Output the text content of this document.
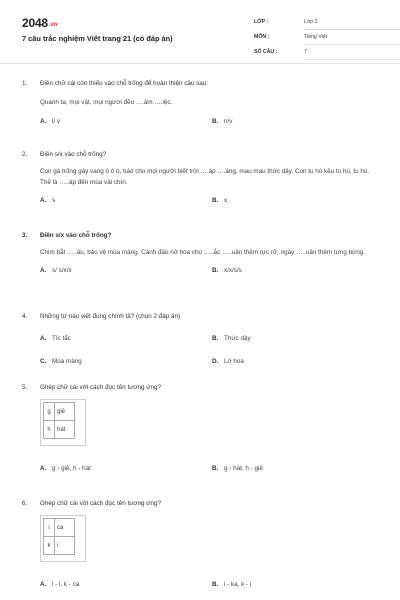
2048.vn
7 câu trắc nghiệm Viết trang 21 (có đáp án)
LỚP :	Lớp 2
MÔN :	Tiếng Việt
SỐ CÂU :	7
1. Điền chữ cái còn thiếu vào chỗ trống để hoàn thiện câu sau:
Quanh ta, mọi vật, mọi người đều ….àm ….iệc.
A. l/ v	B. n/v
2. Điền s/x vào chỗ trống?
Con gà trống gáy vang ò ó o, báo cho mọi người biết trời ….áp ….áng, mau mau thức dậy. Con tu hú kêu tu hú, tu hú. Thế là …..áp đến mùa vải chín.
A. s	B. x
3. Điền s/x vào chỗ trống?
Chim bắt …..âu, bảo vệ mùa màng. Cành đào nở hoa cho …..ắc …..uân thêm rực rỡ, ngày …..uân thêm tưng bừng.
A. s/ s/x/x	B. x/x/s/s
4. Những từ nào viết đúng chính tả? (chọn 2 đáp án)
A. Tíc tắc	B. Thức dậy
C. Mùa màng	D. Lở hoa
5. Ghép chữ cái với cách đọc tên tương ứng?
g	giê
h	hát
A. g - giê, h - hát	B. g - hát, h - giê
6. Ghép chữ cái với cách đọc tên tương ứng?
i	ca
k	i
A. i - i, k - ca	B. i - ka, k - i
